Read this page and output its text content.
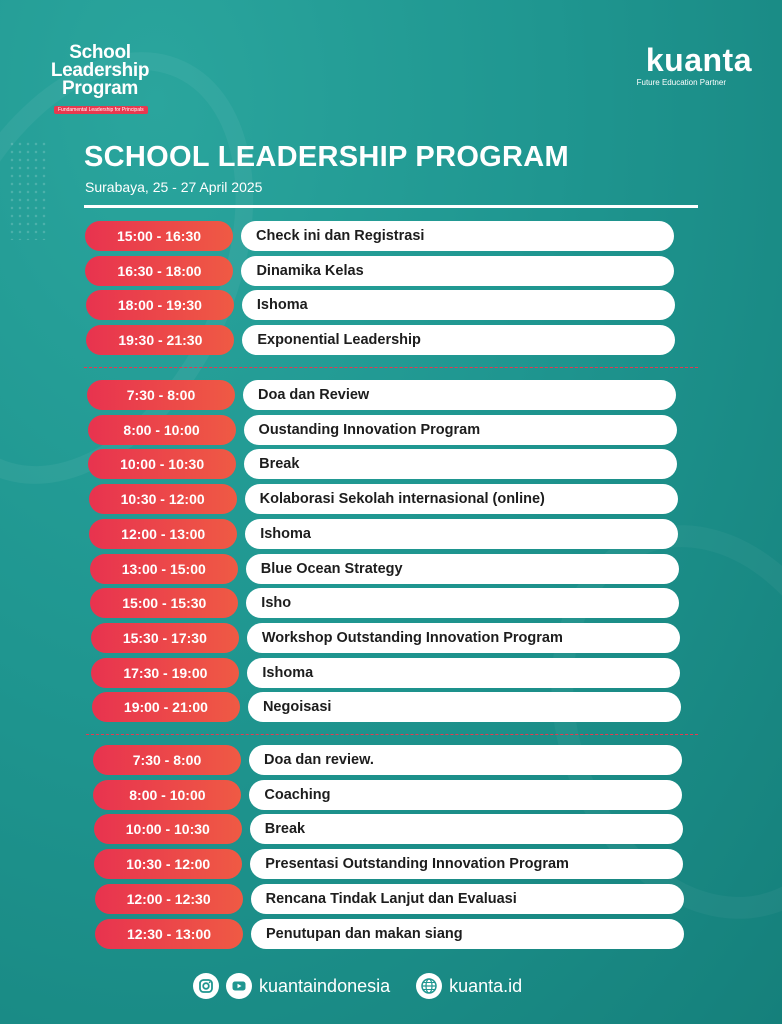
School
Leadership
Program
Fundamental Leadership for Principals
kuanta
Future Education Partner
SCHOOL LEADERSHIP PROGRAM
Surabaya, 25 - 27 April 2025
15:00 - 16:30	Check ini dan Registrasi
16:30 - 18:00	Dinamika Kelas
18:00 - 19:30	Ishoma
19:30 - 21:30	Exponential Leadership
7:30 - 8:00	Doa dan Review
8:00 - 10:00	Oustanding Innovation Program
10:00 - 10:30	Break
10:30 - 12:00	Kolaborasi Sekolah internasional (online)
12:00 - 13:00	Ishoma
13:00 - 15:00	Blue Ocean Strategy
15:00 - 15:30	Isho
15:30 - 17:30	Workshop Outstanding Innovation Program
17:30 - 19:00	Ishoma
19:00 - 21:00	Negoisasi
7:30 - 8:00	Doa dan review.
8:00 - 10:00	Coaching
10:00 - 10:30	Break
10:30 - 12:00	Presentasi Outstanding Innovation Program
12:00 - 12:30	Rencana Tindak Lanjut dan Evaluasi
12:30 - 13:00	Penutupan dan makan siang
kuantaindonesia	kuanta.id
